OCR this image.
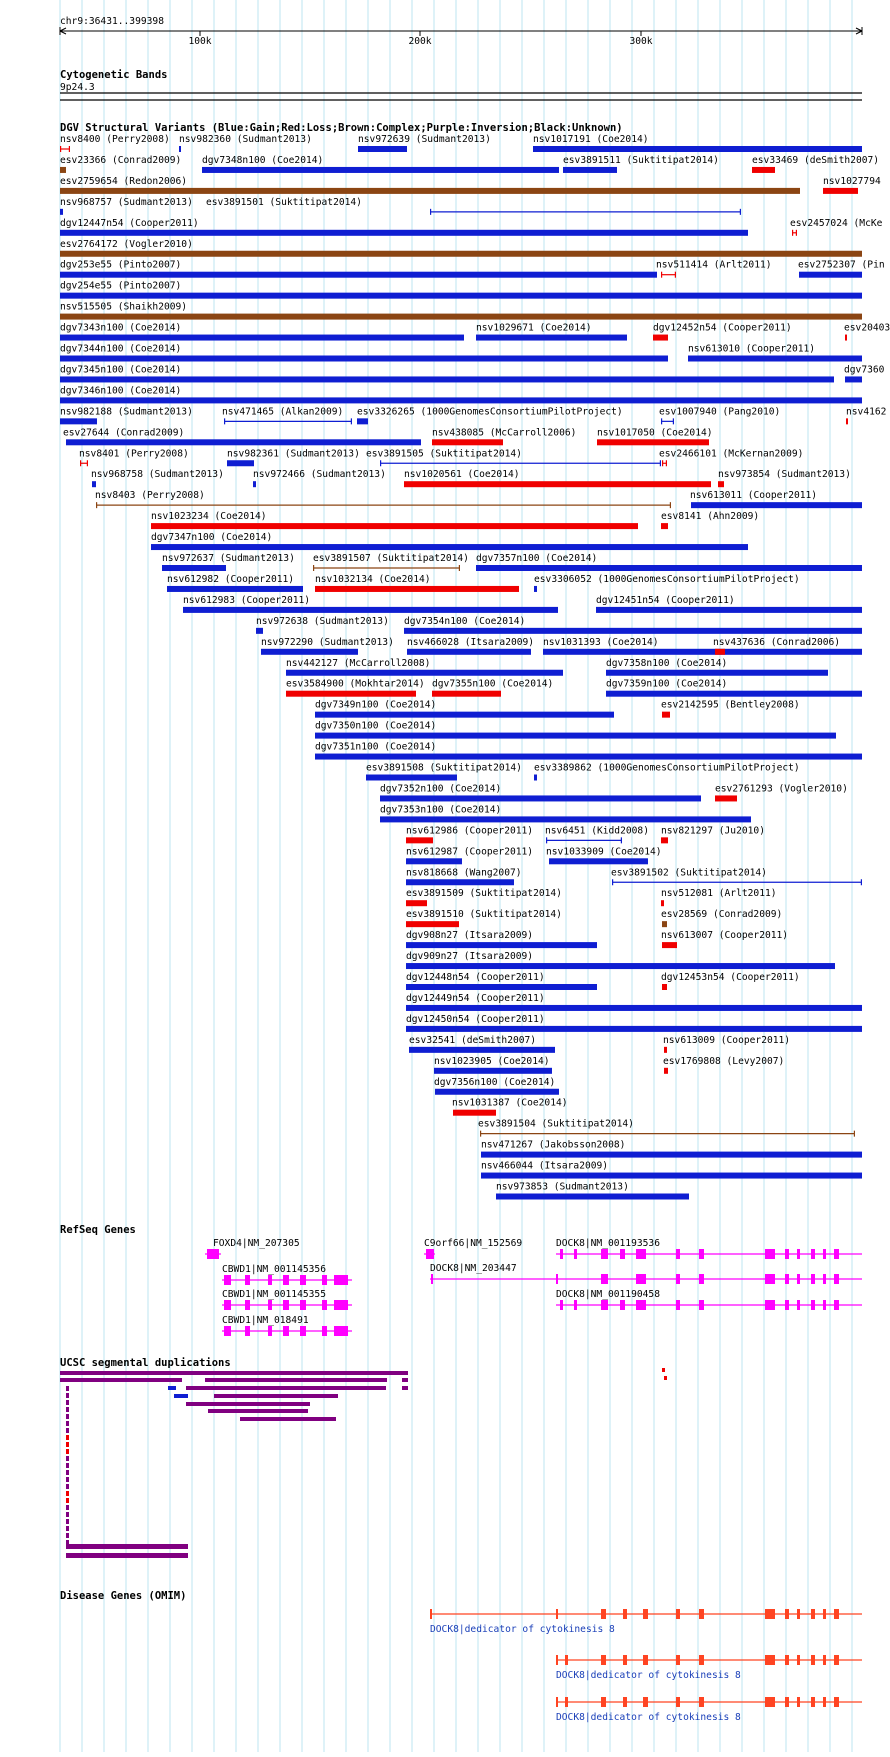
chr9:36431..399398
100k	200k	300k
Cytogenetic Bands
9p24.3
DGV Structural Variants (Blue:Gain;Red:Loss;Brown:Complex;Purple:Inversion;Black:Unknown)
nsv8400 (Perry2008) nsv982360 (Sudmant2013)	nsv972639 (Sudmant2013)	nsv1017191 (Coe2014)
esv23366 (Conrad2009) dgv7348n100 (Coe2014)	esv3891511 (Suktitipat2014)	esv33469 (deSmith2007)
esv2759654 (Redon2006)	nsv1027794
nsv968757 (Sudmant2013) esv3891501 (Suktitipat2014)
dgv12447n54 (Cooper2011)	esv2457024 (McKe
esv2764172 (Vogler2010)
dgv253e55 (Pinto2007)	nsv511414 (Arlt2011)	esv2752307 (Pin
dgv254e55 (Pinto2007)
nsv515505 (Shaikh2009)
dgv7343n100 (Coe2014)	nsv1029671 (Coe2014)	dgv12452n54 (Cooper2011)	esv20403
dgv7344n100 (Coe2014)	nsv613010 (Cooper2011)
dgv7345n100 (Coe2014)	dgv7360
dgv7346n100 (Coe2014)
nsv982188 (Sudmant2013)	nsv471465 (Alkan2009) esv3326265 (1000GenomesConsortiumPilotProject)	esv1007940 (Pang2010)	nsv4162
esv27644 (Conrad2009)	nsv438085 (McCarroll2006) nsv1017050 (Coe2014)
nsv8401 (Perry2008)	nsv982361 (Sudmant2013) esv3891505 (Suktitipat2014)	esv2466101 (McKernan2009)
nsv968758 (Sudmant2013)	nsv972466 (Sudmant2013) nsv1020561 (Coe2014)	nsv973854 (Sudmant2013)
nsv8403 (Perry2008)	nsv613011 (Cooper2011)
nsv1023234 (Coe2014)	esv8141 (Ahn2009)
dgv7347n100 (Coe2014)
nsv972637 (Sudmant2013) esv3891507 (Suktitipat2014) dgv7357n100 (Coe2014)
nsv612982 (Cooper2011) nsv1032134 (Coe2014)	esv3306052 (1000GenomesConsortiumPilotProject)
nsv612983 (Cooper2011)	dgv12451n54 (Cooper2011)
nsv972638 (Sudmant2013) dgv7354n100 (Coe2014)
nsv972290 (Sudmant2013) nsv466028 (Itsara2009) nsv1031393 (Coe2014)	nsv437636 (Conrad2006)
nsv442127 (McCarroll2008)	dgv7358n100 (Coe2014)
esv3584900 (Mokhtar2014) dgv7355n100 (Coe2014)	dgv7359n100 (Coe2014)
dgv7349n100 (Coe2014)	esv2142595 (Bentley2008)
dgv7350n100 (Coe2014)
dgv7351n100 (Coe2014)
esv3891508 (Suktitipat2014) esv3389862 (1000GenomesConsortiumPilotProject)
dgv7352n100 (Coe2014)	esv2761293 (Vogler2010)
dgv7353n100 (Coe2014)
nsv612986 (Cooper2011) nsv6451 (Kidd2008) nsv821297 (Ju2010)
nsv612987 (Cooper2011) nsv1033909 (Coe2014)
nsv818668 (Wang2007)	esv3891502 (Suktitipat2014)
esv3891509 (Suktitipat2014)	nsv512081 (Arlt2011)
esv3891510 (Suktitipat2014)	esv28569 (Conrad2009)
dgv908n27 (Itsara2009)	nsv613007 (Cooper2011)
dgv909n27 (Itsara2009)
dgv12448n54 (Cooper2011)	dgv12453n54 (Cooper2011)
dgv12449n54 (Cooper2011)
dgv12450n54 (Cooper2011)
esv32541 (deSmith2007)	nsv613009 (Cooper2011)
nsv1023905 (Coe2014)	esv1769808 (Levy2007)
dgv7356n100 (Coe2014)
nsv1031387 (Coe2014)
esv3891504 (Suktitipat2014)
nsv471267 (Jakobsson2008)
nsv466044 (Itsara2009)
nsv973853 (Sudmant2013)
RefSeq Genes
FOXD4|NM_207305	C9orf66|NM_152569	DOCK8|NM_001193536
CBWD1|NM_001145356	DOCK8|NM_203447
CBWD1|NM_001145355	DOCK8|NM_001190458
CBWD1|NM_018491
UCSC segmental duplications
Disease Genes (OMIM)
DOCK8|dedicator of cytokinesis 8
DOCK8|dedicator of cytokinesis 8
DOCK8|dedicator of cytokinesis 8
